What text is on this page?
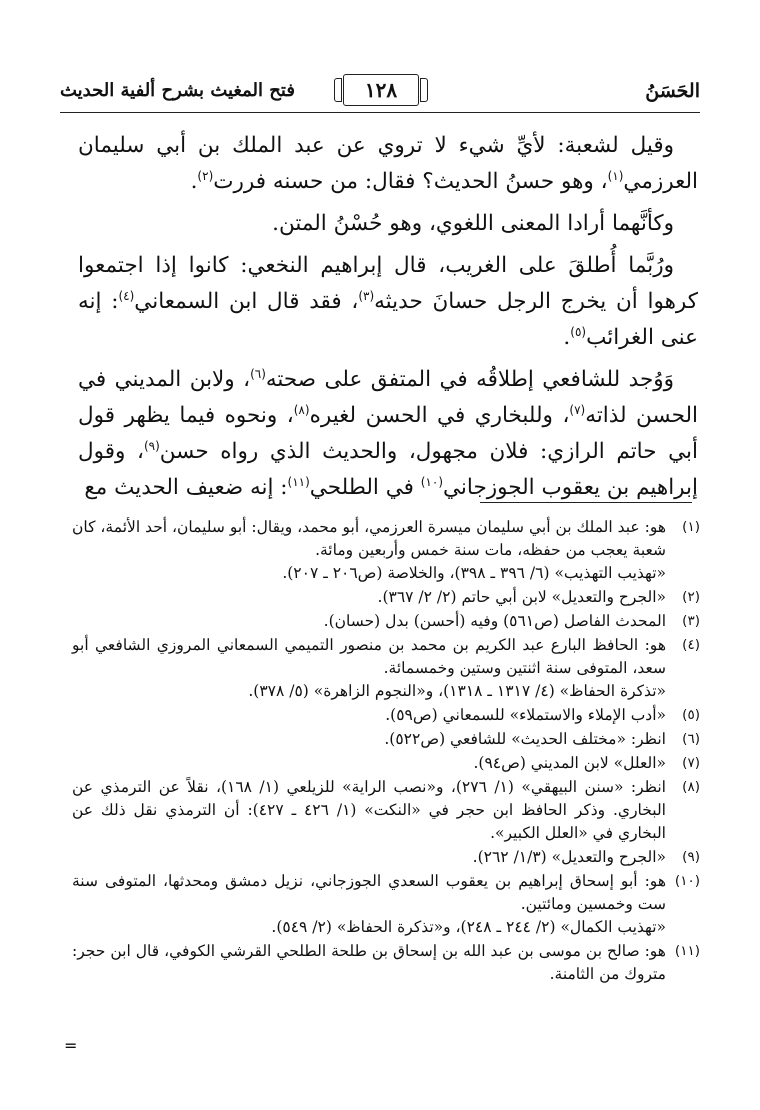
الحَسَنُ
١٢٨
فتح المغيث بشرح ألفية الحديث

وقيل لشعبة: لأيِّ شيء لا تروي عن عبد الملك بن أبي سليمان العرزمي$^{(١)}$، وهو حسنُ الحديث؟ فقال: من حسنه فررت$^{(٢)}$.

وكأنَّهما أرادا المعنى اللغوي، وهو حُسْنُ المتن.

ورُبَّما أُطلقَ على الغريب، قال إبراهيم النخعي: كانوا إذا اجتمعوا كرهوا أن يخرج الرجل حسانَ حديثه$^{(٣)}$، فقد قال ابن السمعاني$^{(٤)}$: إنه عنى الغرائب$^{(٥)}$.

وَوُجد للشافعي إطلاقُه في المتفق على صحته$^{(٦)}$، ولابن المديني في الحسن لذاته$^{(٧)}$، وللبخاري في الحسن لغيره$^{(٨)}$، ونحوه فيما يظهر قول أبي حاتم الرازي: فلان مجهول، والحديث الذي رواه حسن$^{(٩)}$، وقول إبراهيم بن يعقوب الجوزجاني$^{(١٠)}$ في الطلحي$^{(١١)}$: إنه ضعيف الحديث مع

(١)
هو: عبد الملك بن أبي سليمان ميسرة العرزمي، أبو محمد، ويقال: أبو سليمان، أحد الأئمة، كان شعبة يعجب من حفظه، مات سنة خمس وأربعين ومائة.
«تهذيب التهذيب» (٦/ ٣٩٦ ـ ٣٩٨)، والخلاصة (ص٢٠٦ ـ ٢٠٧).
(٢)
«الجرح والتعديل» لابن أبي حاتم (٢/ ٢/ ٣٦٧).
(٣)
المحدث الفاصل (ص٥٦١) وفيه (أحسن) بدل (حسان).
(٤)
هو: الحافظ البارع عبد الكريم بن محمد بن منصور التميمي السمعاني المروزي الشافعي أبو سعد، المتوفى سنة اثنتين وستين وخمسمائة.
«تذكرة الحفاظ» (٤/ ١٣١٧ ـ ١٣١٨)، و«النجوم الزاهرة» (٥/ ٣٧٨).
(٥)
«أدب الإملاء والاستملاء» للسمعاني (ص٥٩).
(٦)
انظر: «مختلف الحديث» للشافعي (ص٥٢٢).
(٧)
«العلل» لابن المديني (ص٩٤).
(٨)
انظر: «سنن البيهقي» (١/ ٢٧٦)، و«نصب الراية» للزيلعي (١/ ١٦٨)، نقلاً عن الترمذي عن البخاري. وذكر الحافظ ابن حجر في «النكت» (١/ ٤٢٦ ـ ٤٢٧): أن الترمذي نقل ذلك عن البخاري في «العلل الكبير».
(٩)
«الجرح والتعديل» (١/٣/ ٢٦٢).
(١٠)
هو: أبو إسحاق إبراهيم بن يعقوب السعدي الجوزجاني، نزيل دمشق ومحدثها، المتوفى سنة ست وخمسين ومائتين.
«تهذيب الكمال» (٢/ ٢٤٤ ـ ٢٤٨)، و«تذكرة الحفاظ» (٢/ ٥٤٩).
(١١)
هو: صالح بن موسى بن عبد الله بن إسحاق بن طلحة الطلحي القرشي الكوفي، قال ابن حجر: متروك من الثامنة.
=
